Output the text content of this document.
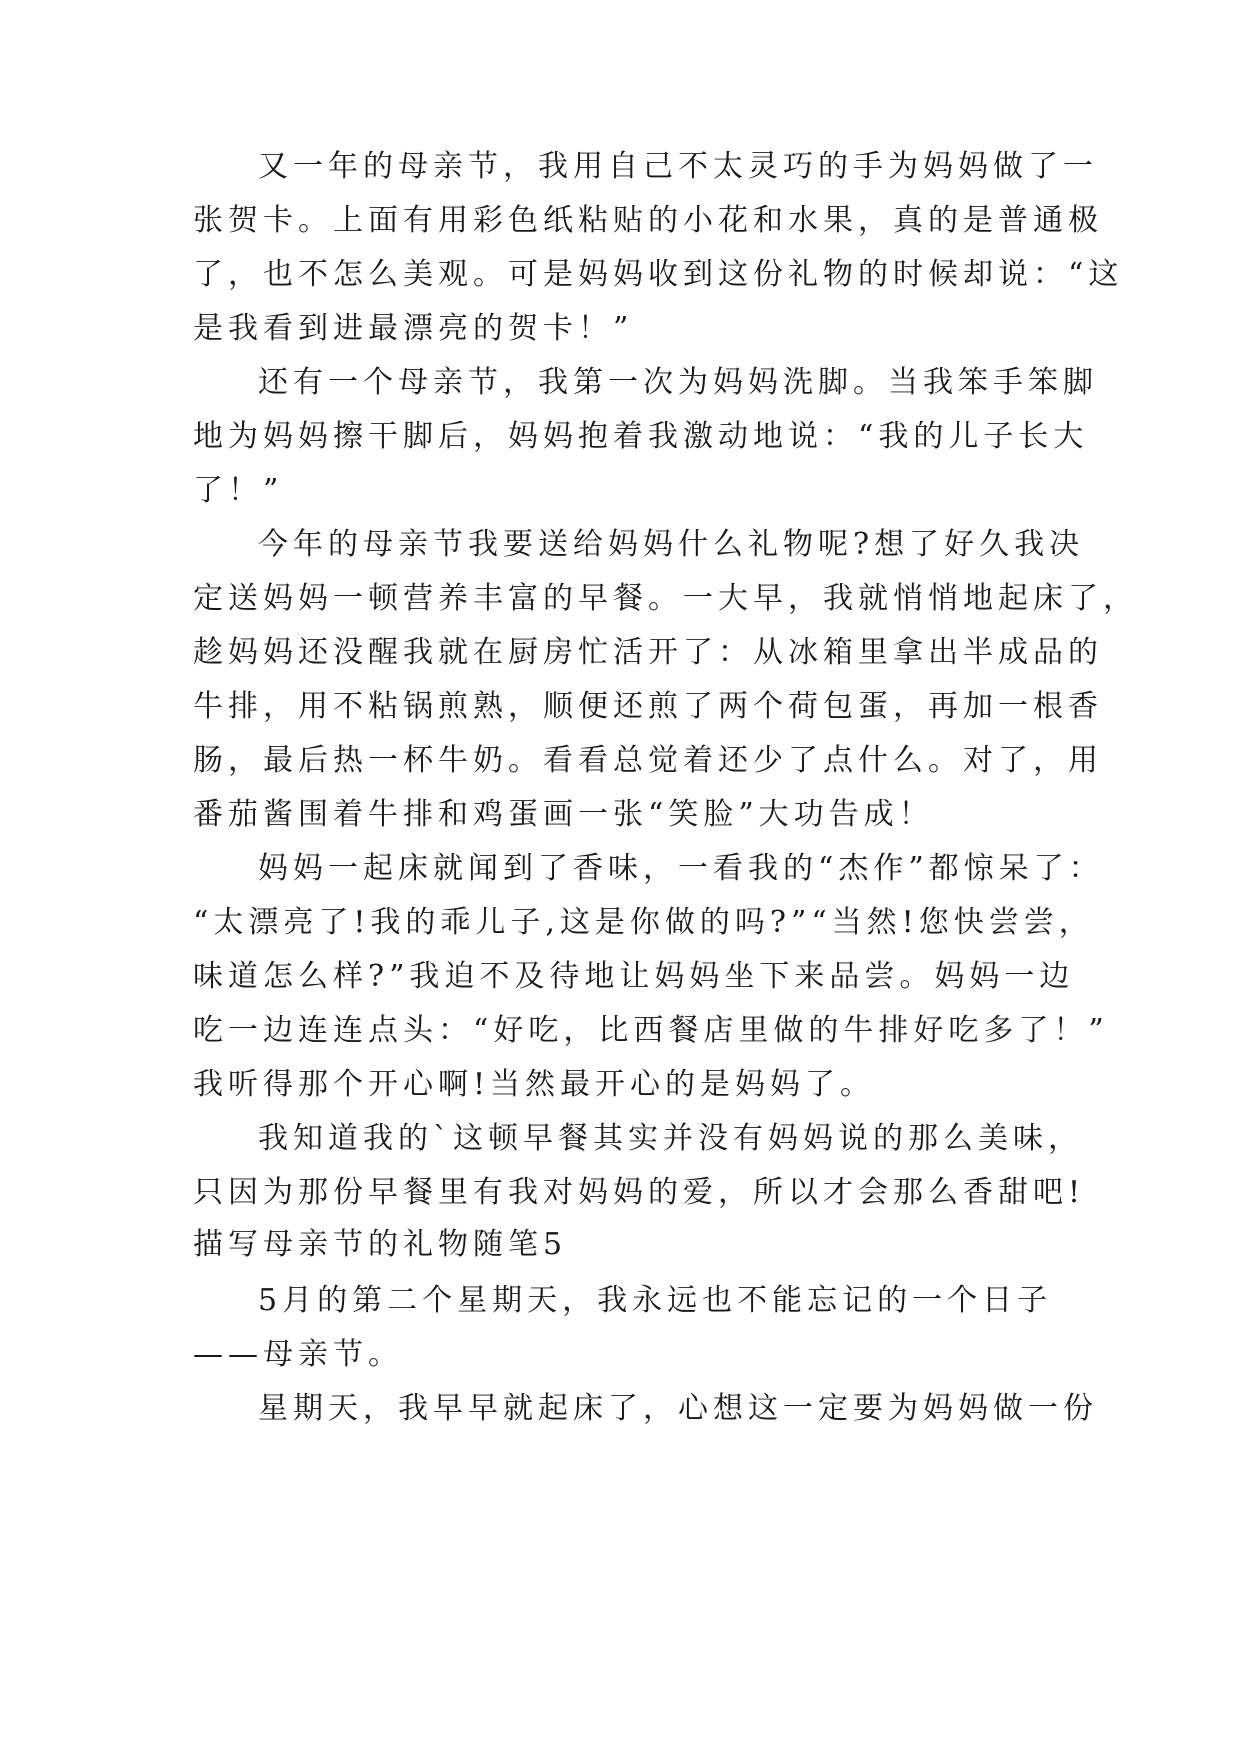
又一年的母亲节，我用自己不太灵巧的手为妈妈做了一
张贺卡。上面有用彩色纸粘贴的小花和水果，真的是普通极
了，也不怎么美观。可是妈妈收到这份礼物的时候却说：“这
是我看到进最漂亮的贺卡！”
还有一个母亲节，我第一次为妈妈洗脚。当我笨手笨脚
地为妈妈擦干脚后，妈妈抱着我激动地说：“我的儿子长大
了！”
今年的母亲节我要送给妈妈什么礼物呢?想了好久我决
定送妈妈一顿营养丰富的早餐。一大早，我就悄悄地起床了，
趁妈妈还没醒我就在厨房忙活开了：从冰箱里拿出半成品的
牛排，用不粘锅煎熟，顺便还煎了两个荷包蛋，再加一根香
肠，最后热一杯牛奶。看看总觉着还少了点什么。对了，用
番茄酱围着牛排和鸡蛋画一张“笑脸”大功告成！
妈妈一起床就闻到了香味，一看我的“杰作”都惊呆了：
“太漂亮了!我的乖儿子,这是你做的吗?”“当然!您快尝尝，
味道怎么样?”我迫不及待地让妈妈坐下来品尝。妈妈一边
吃一边连连点头：“好吃，比西餐店里做的牛排好吃多了！”
我听得那个开心啊!当然最开心的是妈妈了。
我知道我的`这顿早餐其实并没有妈妈说的那么美味，
只因为那份早餐里有我对妈妈的爱，所以才会那么香甜吧!
描写母亲节的礼物随笔5
5月的第二个星期天，我永远也不能忘记的一个日子
——母亲节。
星期天，我早早就起床了，心想这一定要为妈妈做一份
